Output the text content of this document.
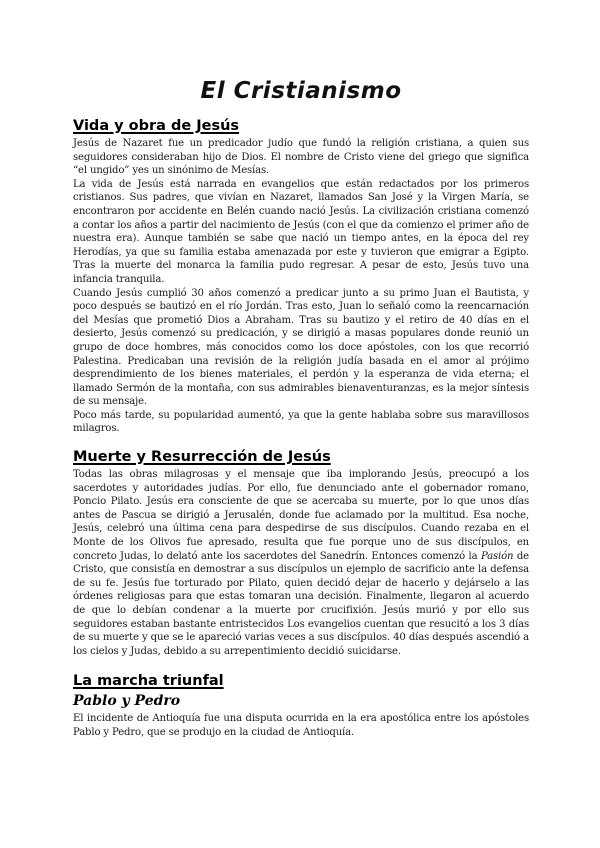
El Cristianismo
Vida y obra de Jesús

Jesús de Nazaret fue un predicador judío que fundó la religión cristiana, a quien sus seguidores consideraban hijo de Dios. El nombre de Cristo viene del griego que significa “el ungido” yes un sinónimo de Mesías.

La vida de Jesús está narrada en evangelios que están redactados por los primeros cristianos. Sus padres, que vivían en Nazaret, llamados San José y la Virgen María, se encontraron por accidente en Belén cuando nació Jesús. La civilización cristiana comenzó a contar los años a partir del nacimiento de Jesús (con el que da comienzo el primer año de nuestra era). Aunque también se sabe que nació un tiempo antes, en la época del rey Herodías, ya que su familia estaba amenazada por este y tuvieron que emigrar a Egipto. Tras la muerte del monarca la familia pudo regresar. A pesar de esto, Jesús tuvo una infancia tranquila.

Cuando Jesús cumplió 30 años comenzó a predicar junto a su primo Juan el Bautista, y poco después se bautizó en el río Jordán. Tras esto, Juan lo señaló como la reencarnación del Mesías que prometió Dios a Abraham. Tras su bautizo y el retiro de 40 días en el desierto, Jesús comenzó su predicación, y se dirigió a masas populares donde reunió un grupo de doce hombres, más conocidos como los doce apóstoles, con los que recorrió Palestina. Predicaban una revisión de la religión judía basada en el amor al prójimo desprendimiento de los bienes materiales, el perdón y la esperanza de vida eterna; el llamado Sermón de la montaña, con sus admirables bienaventuranzas, es la mejor síntesis de su mensaje.

Poco más tarde, su popularidad aumentó, ya que la gente hablaba sobre sus maravillosos milagros.

Muerte y Resurrección de Jesús

Todas las obras milagrosas y el mensaje que iba implorando Jesús, preocupó a los sacerdotes y autoridades judías. Por ello, fue denunciado ante el gobernador romano, Poncio Pilato. Jesús era consciente de que se acercaba su muerte, por lo que unos días antes de Pascua se dirigió a Jerusalén, donde fue aclamado por la multitud. Esa noche, Jesús, celebró una última cena para despedirse de sus discípulos. Cuando rezaba en el Monte de los Olivos fue apresado, resulta que fue porque uno de sus discípulos, en concreto Judas, lo delató ante los sacerdotes del Sanedrín. Entonces comenzó la Pasión de Cristo, que consistía en demostrar a sus discípulos un ejemplo de sacrificio ante la defensa de su fe. Jesús fue torturado por Pilato, quien decidó dejar de hacerlo y dejárselo a las órdenes religiosas para que estas tomaran una decisión. Finalmente, llegaron al acuerdo de que lo debían condenar a la muerte por crucifixión. Jesús murió y por ello sus seguidores estaban bastante entristecidos Los evangelios cuentan que resucitó a los 3 días de su muerte y que se le apareció varias veces a sus discípulos. 40 días después ascendió a los cielos y Judas, debido a su arrepentimiento decidió suicidarse.

La marcha triunfal
Pablo y Pedro

El incidente de Antioquía fue una disputa ocurrida en la era apostólica entre los apóstoles Pablo y Pedro, que se produjo en la ciudad de Antioquía.
